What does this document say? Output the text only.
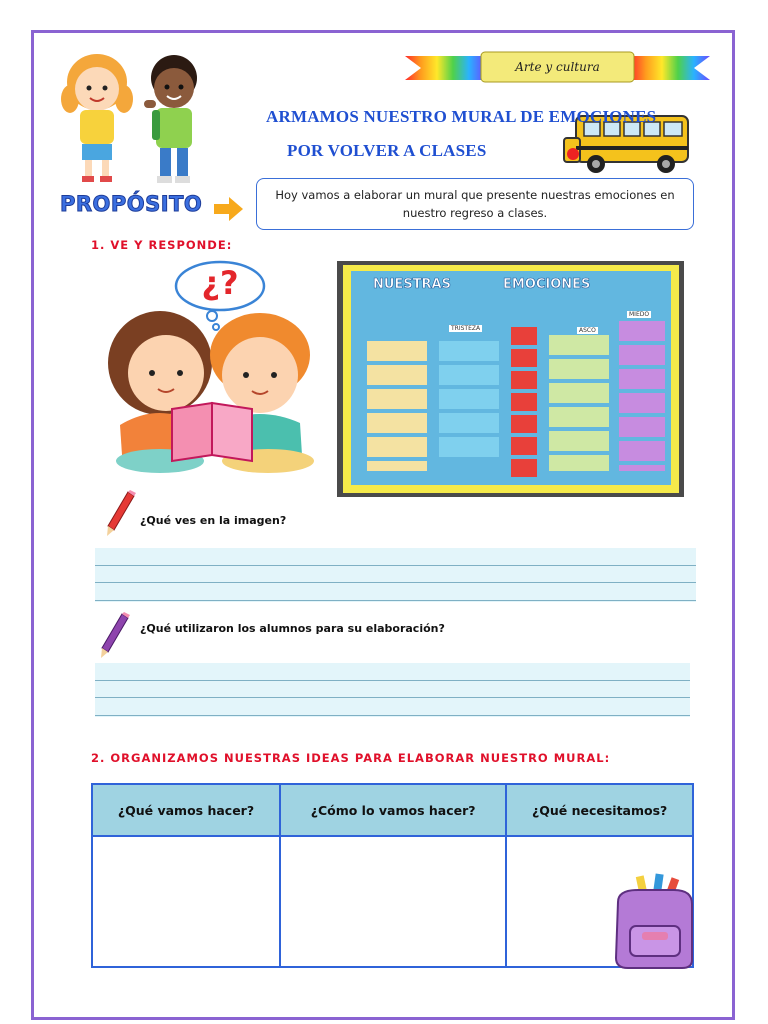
Arte y cultura
ARMAMOS NUESTRO MURAL DE EMOCIONES
POR VOLVER A CLASES
PROPÓSITO	Hoy vamos a elaborar un mural que presente nuestras emociones en nuestro regreso a clases.
1. VE Y RESPONDE:
¿?	NUESTRAS	EMOCIONES
TRISTEZA	ASCO
MIEDO
¿Qué ves en la imagen?
¿Qué utilizaron los alumnos para su elaboración?
2. ORGANIZAMOS NUESTRAS IDEAS PARA ELABORAR NUESTRO MURAL:
¿Qué vamos hacer?	¿Cómo lo vamos hacer?	¿Qué necesitamos?
